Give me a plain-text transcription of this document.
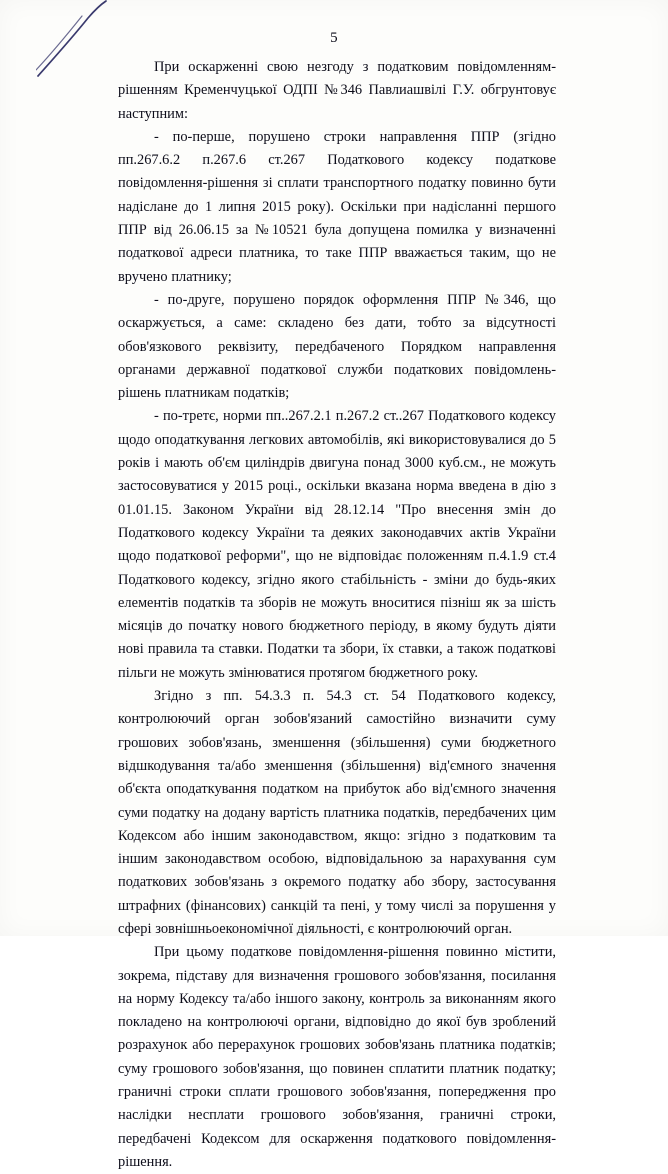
5

При оскарженні свою незгоду з податковим повідомленням-рішенням Кременчуцької ОДПІ №346 Павлиашвілі Г.У. обгрунтовує наступним:

- по-перше, порушено строки направлення ППР (згідно пп.267.6.2 п.267.6 ст.267 Податкового кодексу податкове повідомлення-рішення зі сплати транспортного податку повинно бути надіслане до 1 липня 2015 року). Оскільки при надісланні першого ППР від 26.06.15 за №10521 була допущена помилка у визначенні податкової адреси платника, то таке ППР вважається таким, що не вручено платнику;

- по-друге, порушено порядок оформлення ППР №346, що оскаржується, а саме: складено без дати, тобто за відсутності обов'язкового реквізиту, передбаченого Порядком направлення органами державної податкової служби податкових повідомлень-рішень платникам податків;

- по-третє, норми пп..267.2.1 п.267.2 ст..267 Податкового кодексу щодо оподаткування легкових автомобілів, які використовувалися до 5 років і мають об'єм циліндрів двигуна понад 3000 куб.см., не можуть застосовуватися у 2015 році., оскільки вказана норма введена в дію з 01.01.15. Законом України від 28.12.14 "Про внесення змін до Податкового кодексу України та деяких законодавчих актів України щодо податкової реформи", що не відповідає положенням п.4.1.9 ст.4 Податкового кодексу, згідно якого стабільність - зміни до будь-яких елементів податків та зборів не можуть вноситися пізніш як за шість місяців до початку нового бюджетного періоду, в якому будуть діяти нові правила та ставки. Податки та збори, їх ставки, а також податкові пільги не можуть змінюватися протягом бюджетного року.

Згідно з пп. 54.3.3 п. 54.3 ст. 54 Податкового кодексу, контролюючий орган зобов'язаний самостійно визначити суму грошових зобов'язань, зменшення (збільшення) суми бюджетного відшкодування та/або зменшення (збільшення) від'ємного значення об'єкта оподаткування податком на прибуток або від'ємного значення суми податку на додану вартість платника податків, передбачених цим Кодексом або іншим законодавством, якщо: згідно з податковим та іншим законодавством особою, відповідальною за нарахування сум податкових зобов'язань з окремого податку або збору, застосування штрафних (фінансових) санкцій та пені, у тому числі за порушення у сфері зовнішньоекономічної діяльності, є контролюючий орган.

При цьому податкове повідомлення-рішення повинно містити, зокрема, підставу для визначення грошового зобов'язання, посилання на норму Кодексу та/або іншого закону, контроль за виконанням якого покладено на контролюючі органи, відповідно до якої був зроблений розрахунок або перерахунок грошових зобов'язань платника податків; суму грошового зобов'язання, що повинен сплатити платник податку; граничні строки сплати грошового зобов'язання, попередження про наслідки несплати грошового зобов'язання, граничні строки, передбачені Кодексом для оскарження податкового повідомлення-рішення.
